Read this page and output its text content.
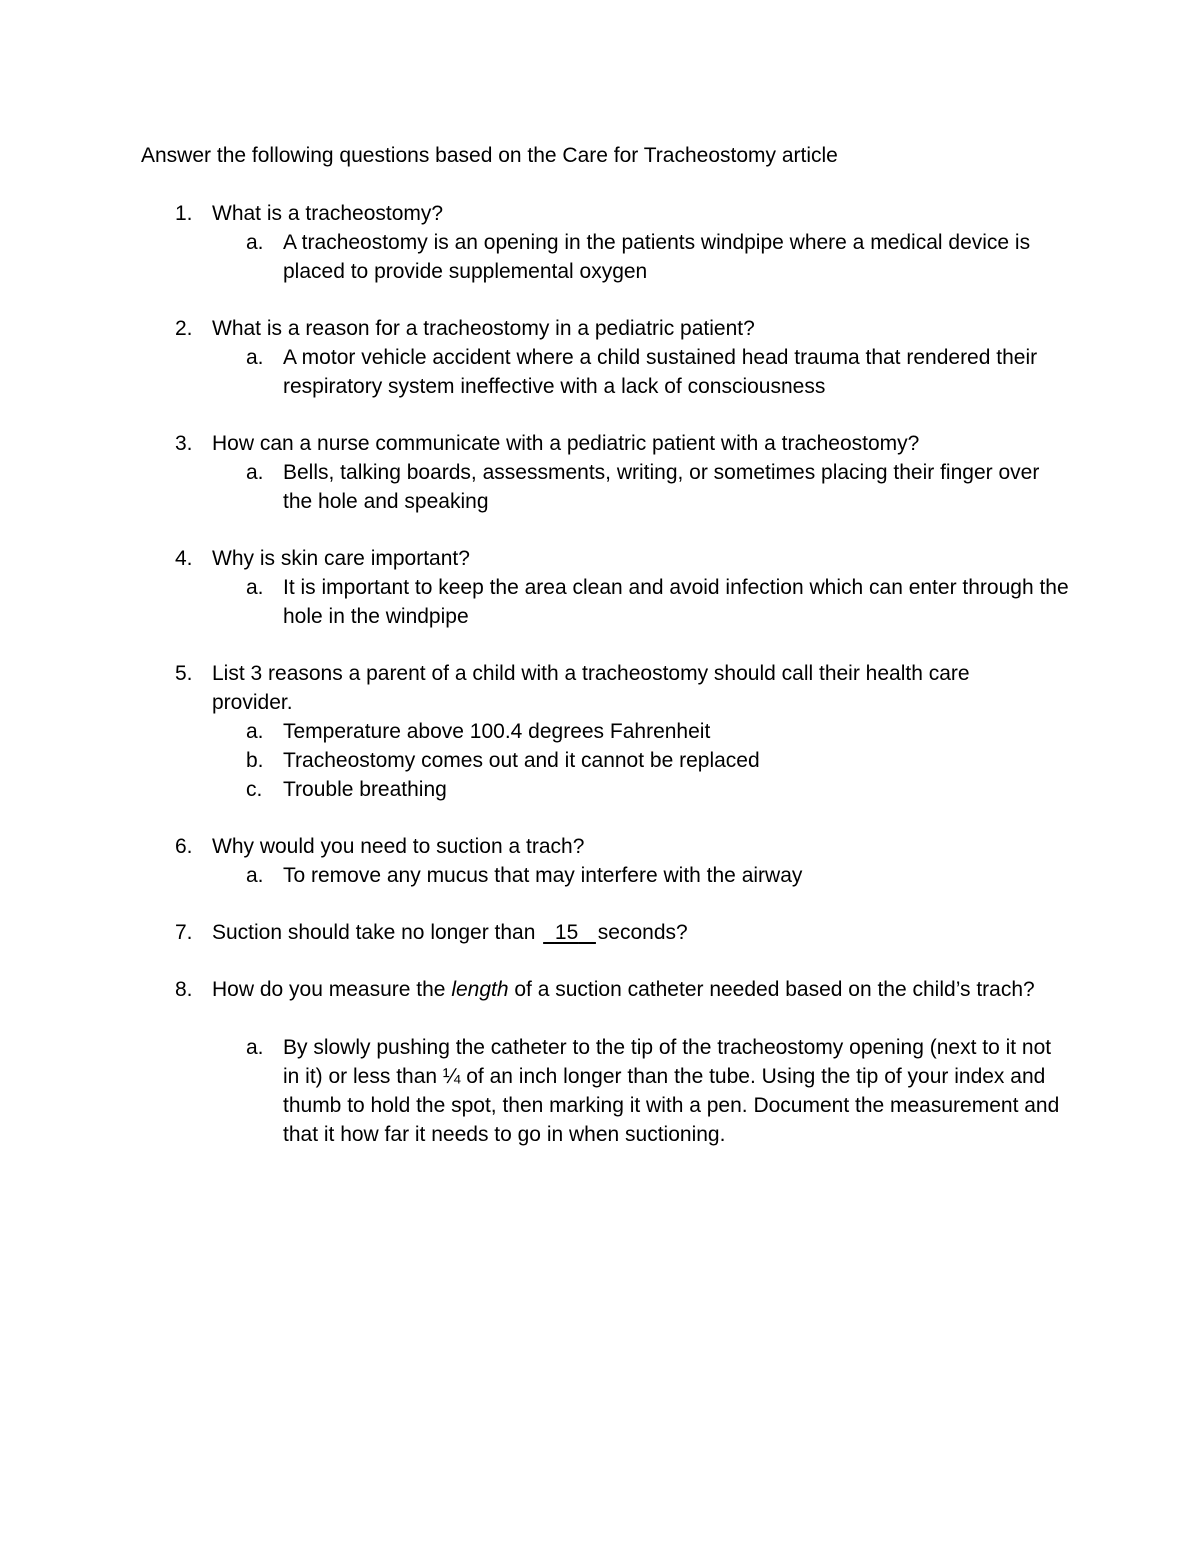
Answer the following questions based on the Care for Tracheostomy article
1. What is a tracheostomy?
a. A tracheostomy is an opening in the patients windpipe where a medical device is placed to provide supplemental oxygen
2. What is a reason for a tracheostomy in a pediatric patient?
a. A motor vehicle accident where a child sustained head trauma that rendered their respiratory system ineffective with a lack of consciousness
3. How can a nurse communicate with a pediatric patient with a tracheostomy?
a. Bells, talking boards, assessments, writing, or sometimes placing their finger over the hole and speaking
4. Why is skin care important?
a. It is important to keep the area clean and avoid infection which can enter through the hole in the windpipe
5. List 3 reasons a parent of a child with a tracheostomy should call their health care provider.
a. Temperature above 100.4 degrees Fahrenheit
b. Tracheostomy comes out and it cannot be replaced
c. Trouble breathing
6. Why would you need to suction a trach?
a. To remove any mucus that may interfere with the airway
7. Suction should take no longer than 15 seconds?
8. How do you measure the length of a suction catheter needed based on the child’s trach?
a. By slowly pushing the catheter to the tip of the tracheostomy opening (next to it not in it) or less than ¼ of an inch longer than the tube. Using the tip of your index and thumb to hold the spot, then marking it with a pen. Document the measurement and that it how far it needs to go in when suctioning.
